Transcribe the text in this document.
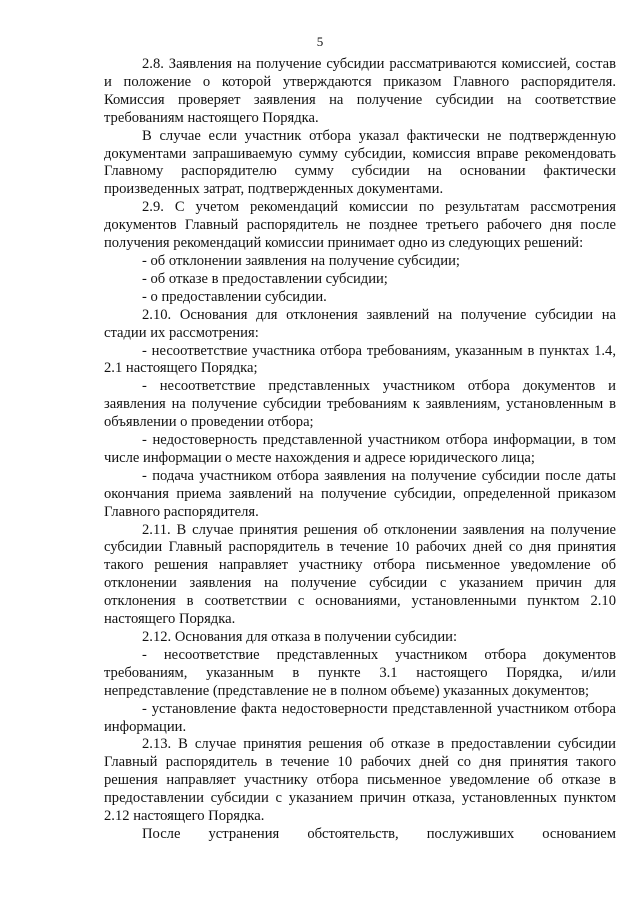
5

2.8. Заявления на получение субсидии рассматриваются комиссией, состав и положение о которой утверждаются приказом Главного распорядителя. Комиссия проверяет заявления на получение субсидии на соответствие требованиям настоящего Порядка.

В случае если участник отбора указал фактически не подтвержденную документами запрашиваемую сумму субсидии, комиссия вправе рекомендовать Главному распорядителю сумму субсидии на основании фактически произведенных затрат, подтвержденных документами.

2.9. С учетом рекомендаций комиссии по результатам рассмотрения документов Главный распорядитель не позднее третьего рабочего дня после получения рекомендаций комиссии принимает одно из следующих решений:

- об отклонении заявления на получение субсидии;

- об отказе в предоставлении субсидии;

- о предоставлении субсидии.

2.10. Основания для отклонения заявлений на получение субсидии на стадии их рассмотрения:

- несоответствие участника отбора требованиям, указанным в пунктах 1.4, 2.1 настоящего Порядка;

- несоответствие представленных участником отбора документов и заявления на получение субсидии требованиям к заявлениям, установленным в объявлении о проведении отбора;

- недостоверность представленной участником отбора информации, в том числе информации о месте нахождения и адресе юридического лица;

- подача участником отбора заявления на получение субсидии после даты окончания приема заявлений на получение субсидии, определенной приказом Главного распорядителя.

2.11. В случае принятия решения об отклонении заявления на получение субсидии Главный распорядитель в течение 10 рабочих дней со дня принятия такого решения направляет участнику отбора письменное уведомление об отклонении заявления на получение субсидии с указанием причин для отклонения в соответствии с основаниями, установленными пунктом 2.10 настоящего Порядка.

2.12. Основания для отказа в получении субсидии:

- несоответствие представленных участником отбора документов требованиям, указанным в пункте 3.1 настоящего Порядка, и/или непредставление (представление не в полном объеме) указанных документов;

- установление факта недостоверности представленной участником отбора информации.

2.13. В случае принятия решения об отказе в предоставлении субсидии Главный распорядитель в течение 10 рабочих дней со дня принятия такого решения направляет участнику отбора письменное уведомление об отказе в предоставлении субсидии с указанием причин отказа, установленных пунктом 2.12 настоящего Порядка.

После устранения обстоятельств, послуживших основанием
